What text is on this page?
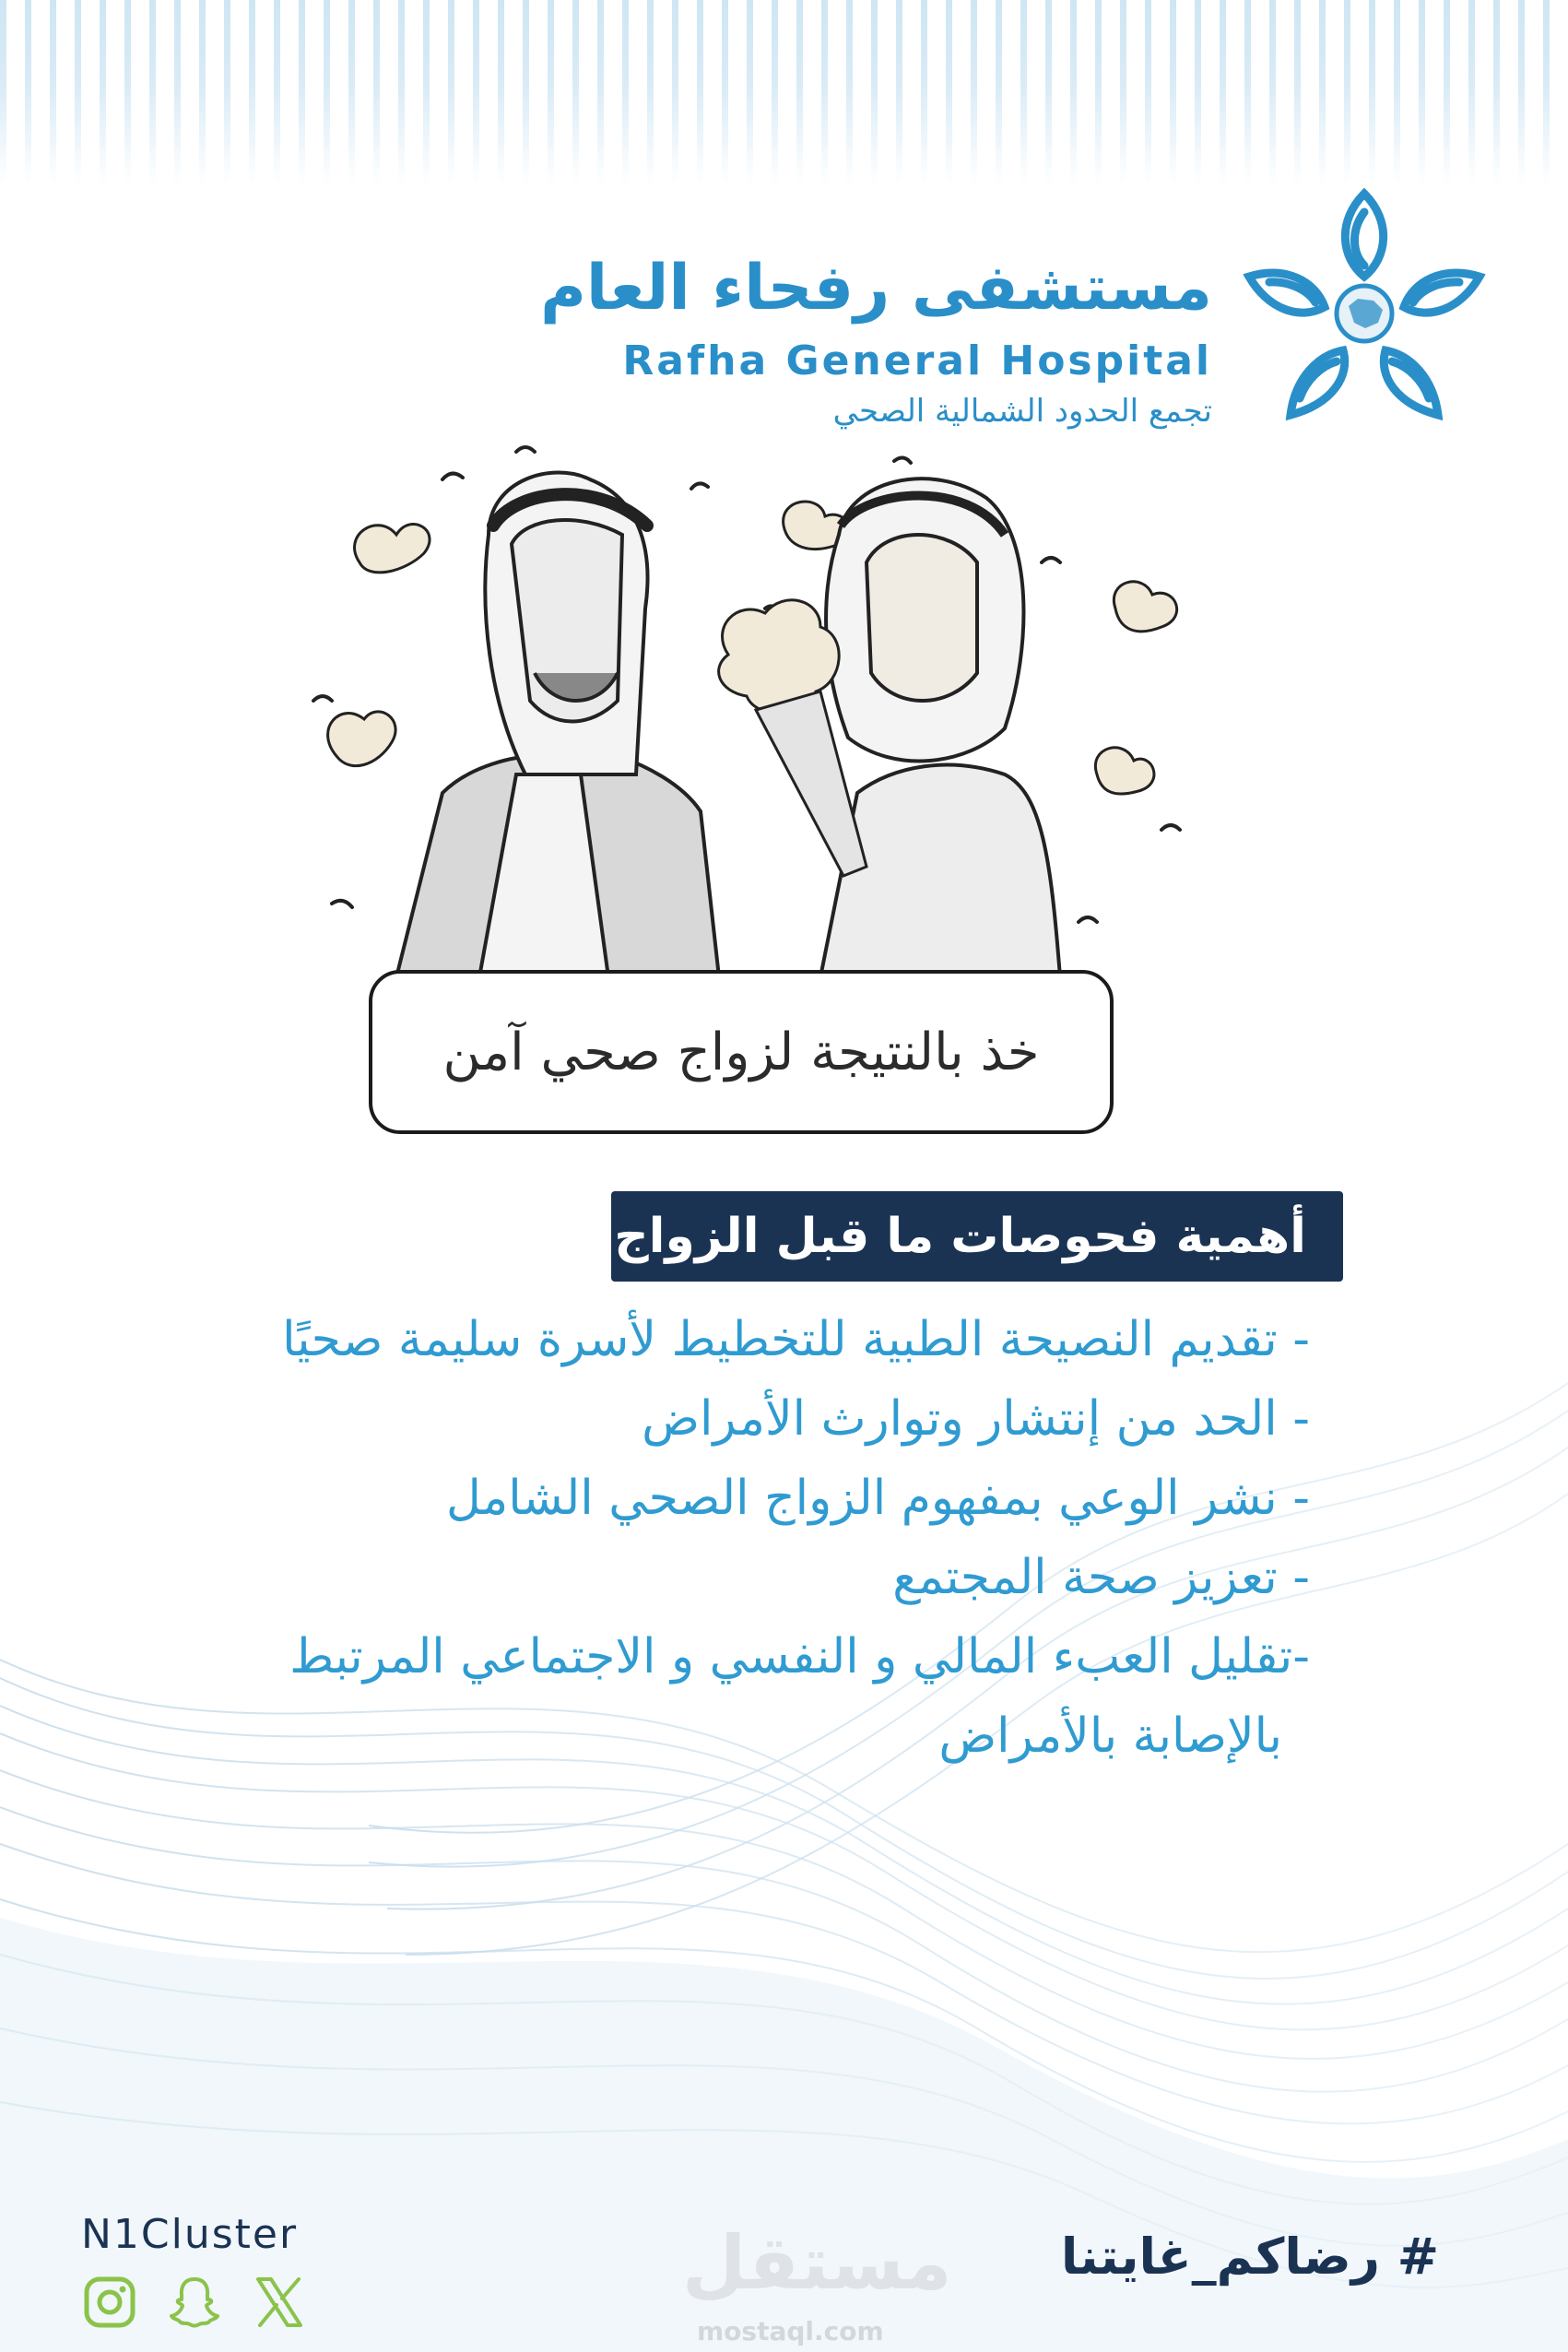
مستشفى رفحاء العام
Rafha General Hospital
تجمع الحدود الشمالية الصحي
خذ بالنتيجة لزواج صحي آمن
أهمية فحوصات ما قبل الزواج :
- تقديم النصيحة الطبية للتخطيط لأسرة سليمة صحيًا
- الحد من إنتشار وتوارث الأمراض
- نشر الوعي بمفهوم الزواج الصحي الشامل
- تعزيز صحة المجتمع
-تقليل العبء المالي و النفسي و الاجتماعي المرتبط
بالإصابة بالأمراض
N1Cluster	مستقل
mostaql.com
# رضاكم_غايتنا
